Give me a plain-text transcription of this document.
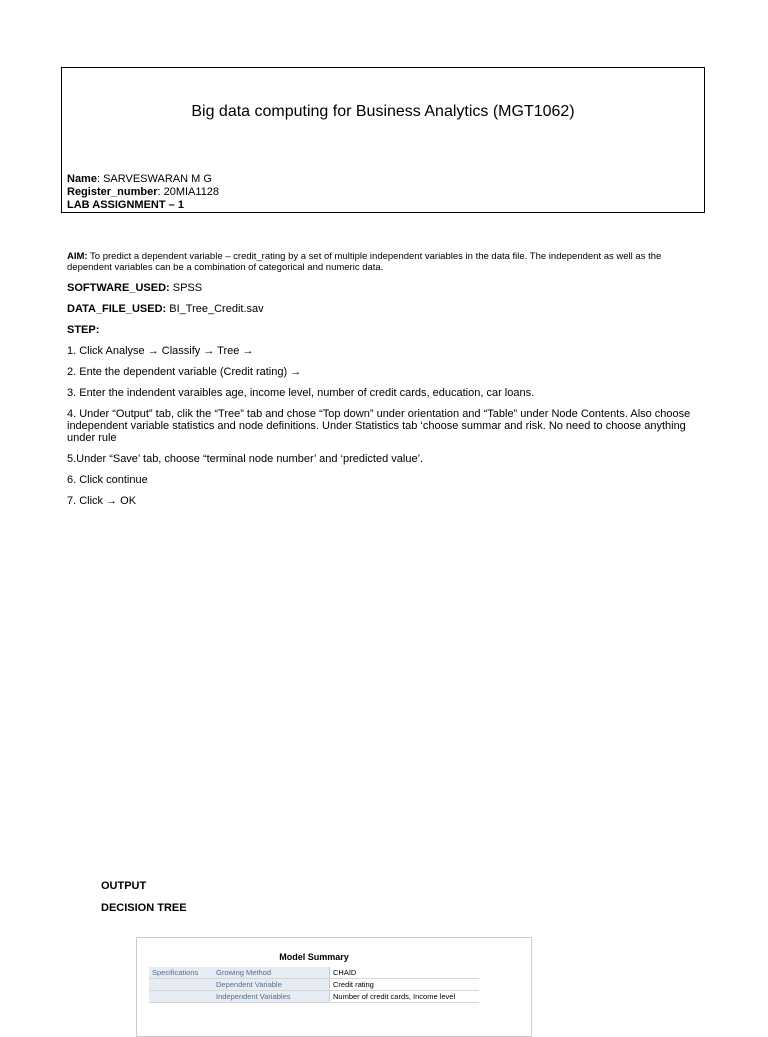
Big data computing for Business Analytics (MGT1062)
Name: SARVESWARAN M G
Register_number: 20MIA1128
LAB ASSIGNMENT – 1
AIM: To predict a dependent variable – credit_rating by a set of multiple independent variables in the data file. The independent as well as the dependent variables can be a combination of categorical and numeric data.
SOFTWARE_USED: SPSS
DATA_FILE_USED: BI_Tree_Credit.sav
STEP:
1. Click Analyse → Classify → Tree →
2. Ente the dependent variable (Credit rating) →
3. Enter the indendent varaibles age, income level, number of credit cards, education, car loans.
4. Under “Output” tab, clik the “Tree” tab and chose “Top down” under orientation and “Table” under Node Contents. Also choose independent variable statistics and node definitions. Under Statistics tab ‘choose summar and risk. No need to choose anything under rule
5.Under “Save’ tab, choose “terminal node number’ and ‘predicted value’.
6. Click continue
7. Click → OK
OUTPUT
DECISION TREE
Model Summary
Specifications	Growing Method	CHAID
	Dependent Variable	Credit rating
	Independent Variables	Number of credit cards, Income level
